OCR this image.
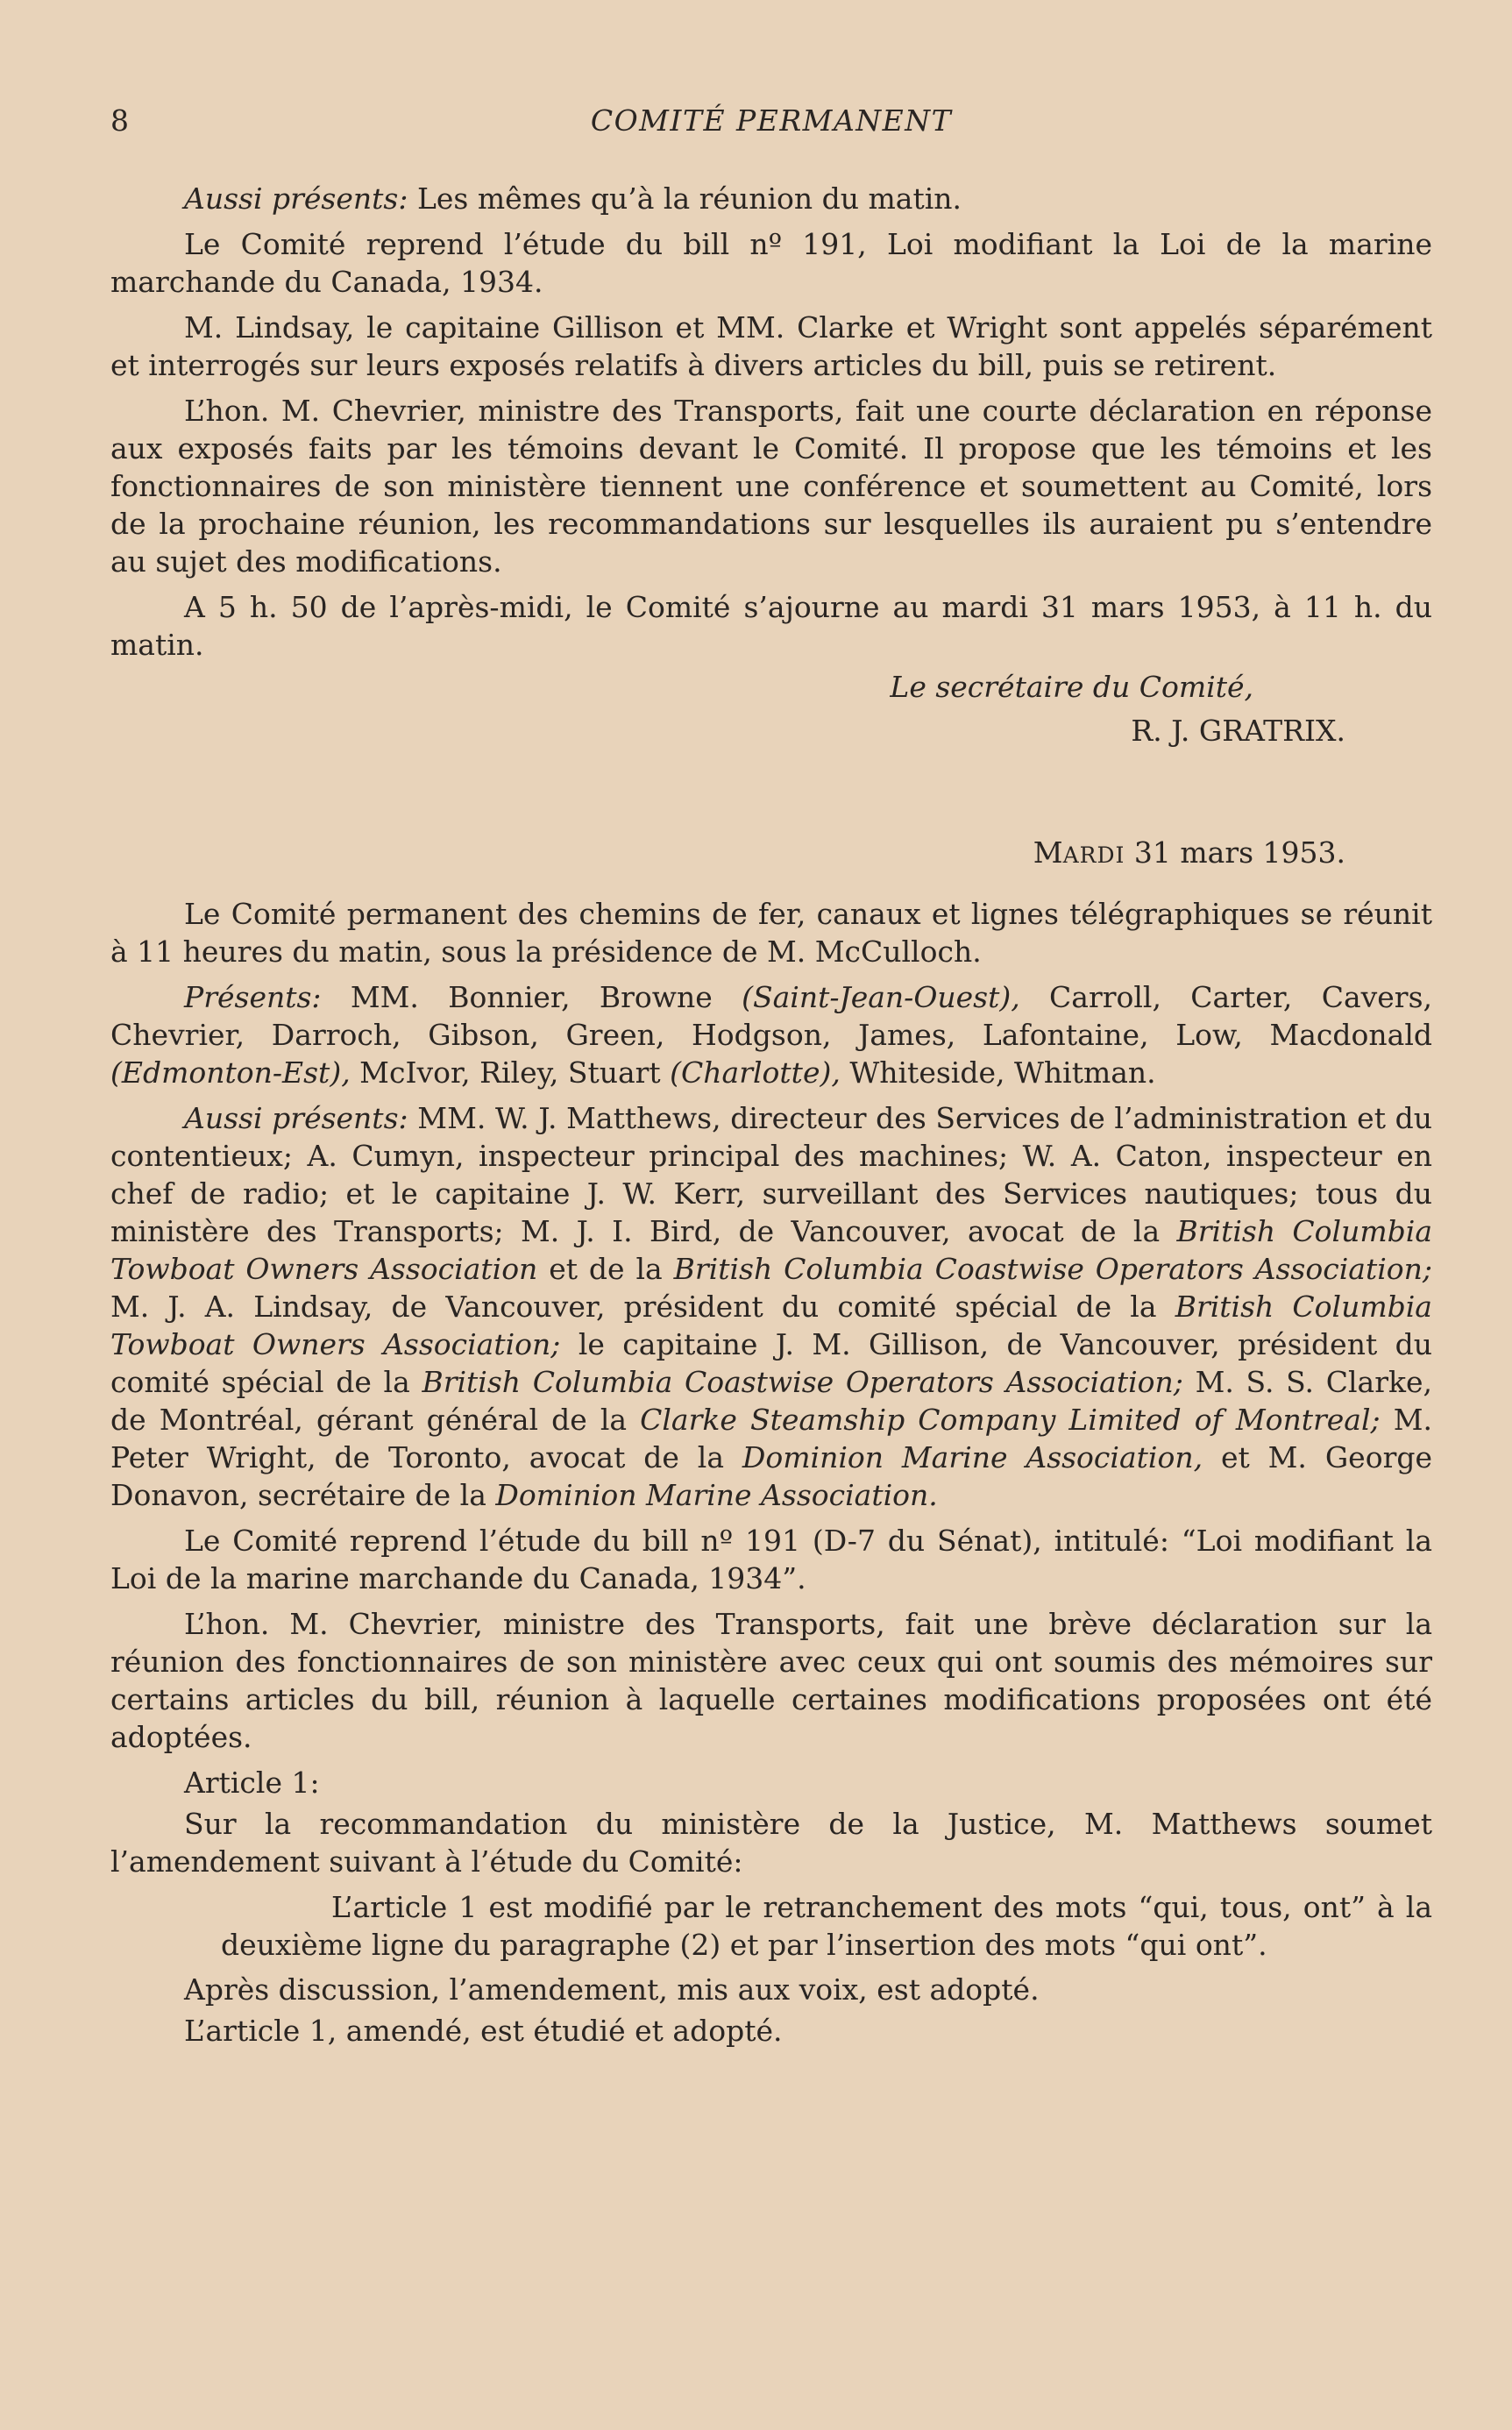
8	COMITÉ PERMANENT

Aussi présents: Les mêmes qu’à la réunion du matin.

Le Comité reprend l’étude du bill nº 191, Loi modifiant la Loi de la marine marchande du Canada, 1934.

M. Lindsay, le capitaine Gillison et MM. Clarke et Wright sont appelés séparément et interrogés sur leurs exposés relatifs à divers articles du bill, puis se retirent.

L’hon. M. Chevrier, ministre des Transports, fait une courte déclaration en réponse aux exposés faits par les témoins devant le Comité. Il propose que les témoins et les fonctionnaires de son ministère tiennent une conférence et soumettent au Comité, lors de la prochaine réunion, les recommandations sur lesquelles ils auraient pu s’entendre au sujet des modifications.

A 5 h. 50 de l’après-midi, le Comité s’ajourne au mardi 31 mars 1953, à 11 h. du matin.

Le secrétaire du Comité,

R. J. GRATRIX.

MARDI 31 mars 1953.

Le Comité permanent des chemins de fer, canaux et lignes télégraphiques se réunit à 11 heures du matin, sous la présidence de M. McCulloch.

Présents: MM. Bonnier, Browne (Saint-Jean-Ouest), Carroll, Carter, Cavers, Chevrier, Darroch, Gibson, Green, Hodgson, James, Lafontaine, Low, Macdonald (Edmonton-Est), McIvor, Riley, Stuart (Charlotte), Whiteside, Whitman.

Aussi présents: MM. W. J. Matthews, directeur des Services de l’administration et du contentieux; A. Cumyn, inspecteur principal des machines; W. A. Caton, inspecteur en chef de radio; et le capitaine J. W. Kerr, surveillant des Services nautiques; tous du ministère des Transports; M. J. I. Bird, de Vancouver, avocat de la British Columbia Towboat Owners Association et de la British Columbia Coastwise Operators Association; M. J. A. Lindsay, de Vancouver, président du comité spécial de la British Columbia Towboat Owners Association; le capitaine J. M. Gillison, de Vancouver, président du comité spécial de la British Columbia Coastwise Operators Association; M. S. S. Clarke, de Montréal, gérant général de la Clarke Steamship Company Limited of Montreal; M. Peter Wright, de Toronto, avocat de la Dominion Marine Association, et M. George Donavon, secrétaire de la Dominion Marine Association.

Le Comité reprend l’étude du bill nº 191 (D-7 du Sénat), intitulé: “Loi modifiant la Loi de la marine marchande du Canada, 1934”.

L’hon. M. Chevrier, ministre des Transports, fait une brève déclaration sur la réunion des fonctionnaires de son ministère avec ceux qui ont soumis des mémoires sur certains articles du bill, réunion à laquelle certaines modifications proposées ont été adoptées.

Article 1:

Sur la recommandation du ministère de la Justice, M. Matthews soumet l’amendement suivant à l’étude du Comité:

L’article 1 est modifié par le retranchement des mots “qui, tous, ont” à la deuxième ligne du paragraphe (2) et par l’insertion des mots “qui ont”.

Après discussion, l’amendement, mis aux voix, est adopté.

L’article 1, amendé, est étudié et adopté.
